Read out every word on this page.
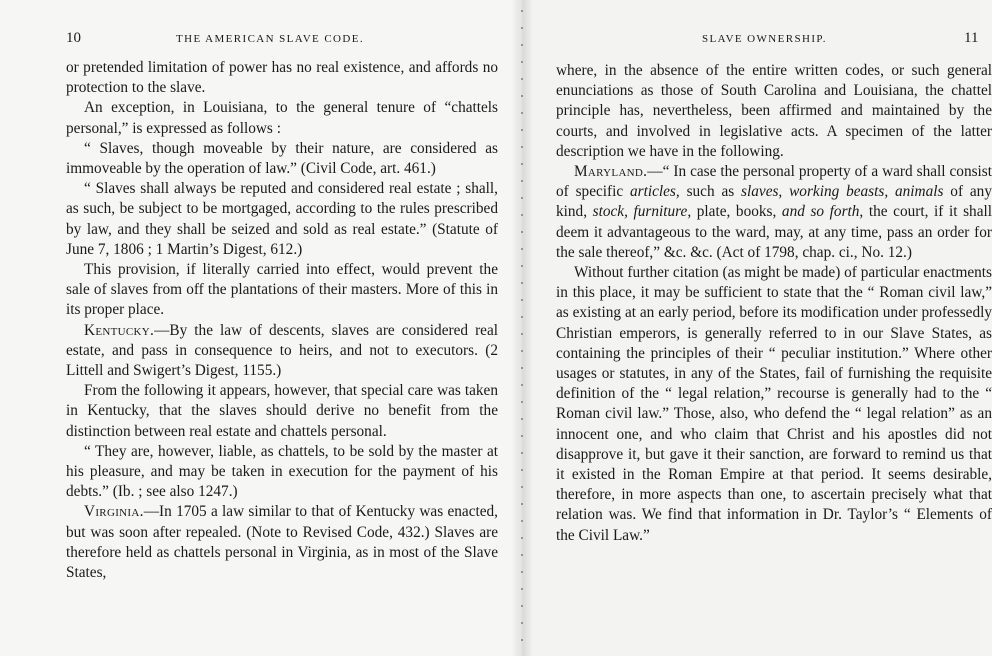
10	THE AMERICAN SLAVE CODE.

or pretended limitation of power has no real existence, and affords no protection to the slave.

An exception, in Louisiana, to the general tenure of “chattels personal,” is expressed as follows :

“ Slaves, though moveable by their nature, are considered as immoveable by the operation of law.” (Civil Code, art. 461.)

“ Slaves shall always be reputed and considered real estate ; shall, as such, be subject to be mortgaged, according to the rules prescribed by law, and they shall be seized and sold as real estate.” (Statute of June 7, 1806 ; 1 Martin’s Digest, 612.)

This provision, if literally carried into effect, would prevent the sale of slaves from off the plantations of their masters. More of this in its proper place.

Kentucky.—By the law of descents, slaves are considered real estate, and pass in consequence to heirs, and not to executors. (2 Littell and Swigert’s Digest, 1155.)

From the following it appears, however, that special care was taken in Kentucky, that the slaves should derive no benefit from the distinction between real estate and chattels personal.

“ They are, however, liable, as chattels, to be sold by the master at his pleasure, and may be taken in execution for the payment of his debts.” (Ib. ; see also 1247.)

Virginia.—In 1705 a law similar to that of Kentucky was enacted, but was soon after repealed. (Note to Revised Code, 432.) Slaves are therefore held as chattels personal in Virginia, as in most of the Slave States,

SLAVE OWNERSHIP.	11

where, in the absence of the entire written codes, or such general enunciations as those of South Carolina and Louisiana, the chattel principle has, nevertheless, been affirmed and maintained by the courts, and involved in legislative acts. A specimen of the latter description we have in the following.

Maryland.—“ In case the personal property of a ward shall consist of specific articles, such as slaves, working beasts, animals of any kind, stock, furniture, plate, books, and so forth, the court, if it shall deem it advantageous to the ward, may, at any time, pass an order for the sale thereof,” &c. &c. (Act of 1798, chap. ci., No. 12.)

Without further citation (as might be made) of particular enactments in this place, it may be sufficient to state that the “ Roman civil law,” as existing at an early period, before its modification under professedly Christian emperors, is generally referred to in our Slave States, as containing the principles of their “ peculiar institution.” Where other usages or statutes, in any of the States, fail of furnishing the requisite definition of the “ legal relation,” recourse is generally had to the “ Roman civil law.” Those, also, who defend the “ legal relation” as an innocent one, and who claim that Christ and his apostles did not disapprove it, but gave it their sanction, are forward to remind us that it existed in the Roman Empire at that period. It seems desirable, therefore, in more aspects than one, to ascertain precisely what that relation was. We find that information in Dr. Taylor’s “ Elements of the Civil Law.”
